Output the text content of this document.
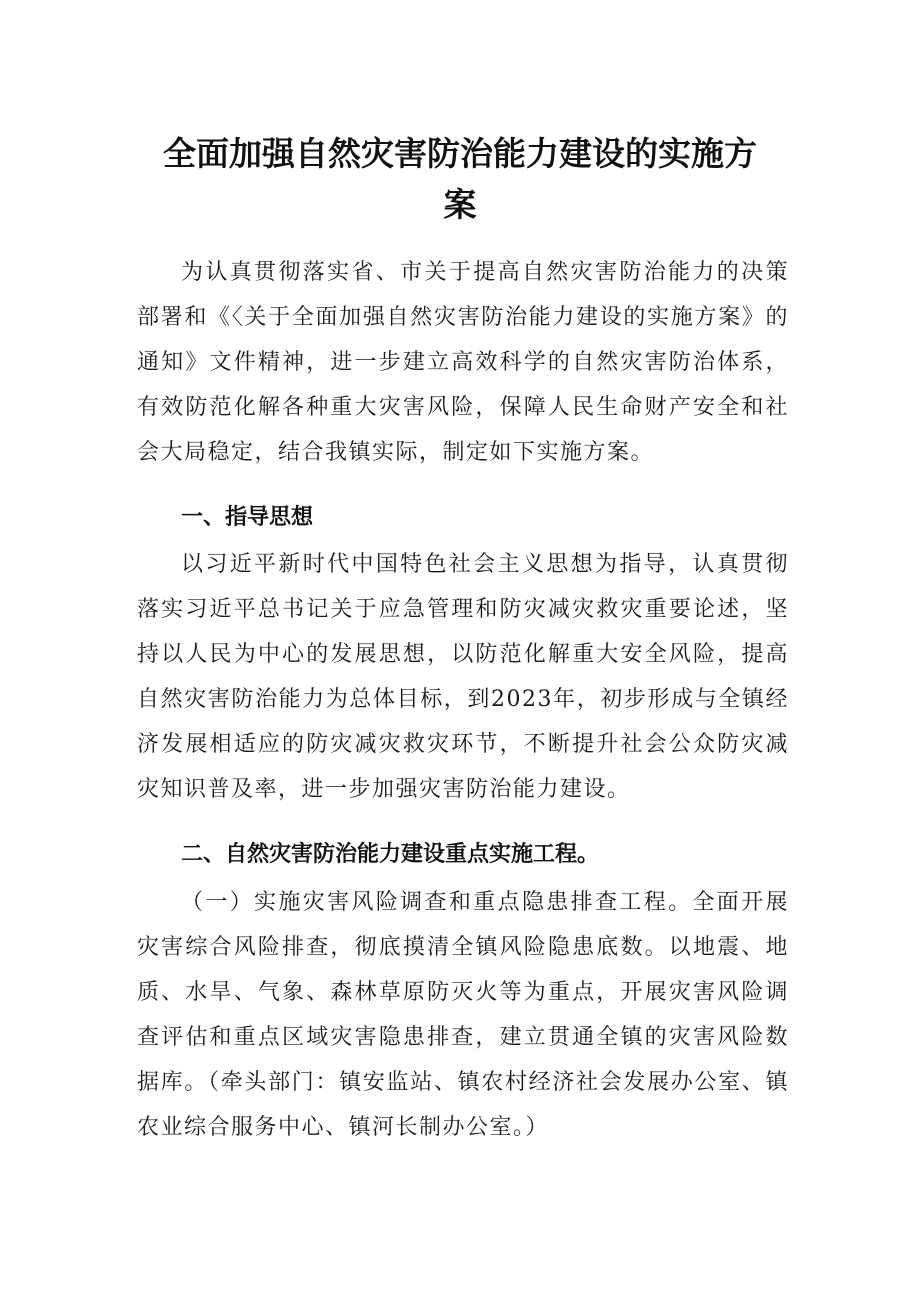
全面加强自然灾害防治能力建设的实施方
案

为认真贯彻落实省、市关于提高自然灾害防治能力的决策部署和《〈关于全面加强自然灾害防治能力建设的实施方案》的通知》文件精神，进一步建立高效科学的自然灾害防治体系，有效防范化解各种重大灾害风险，保障人民生命财产安全和社会大局稳定，结合我镇实际，制定如下实施方案。

一、指导思想

以习近平新时代中国特色社会主义思想为指导，认真贯彻落实习近平总书记关于应急管理和防灾减灾救灾重要论述，坚持以人民为中心的发展思想，以防范化解重大安全风险，提高自然灾害防治能力为总体目标，到2023年，初步形成与全镇经济发展相适应的防灾减灾救灾环节，不断提升社会公众防灾减灾知识普及率，进一步加强灾害防治能力建设。

二、自然灾害防治能力建设重点实施工程。

（一）实施灾害风险调查和重点隐患排查工程。全面开展灾害综合风险排查，彻底摸清全镇风险隐患底数。以地震、地质、水旱、气象、森林草原防灭火等为重点，开展灾害风险调查评估和重点区域灾害隐患排查，建立贯通全镇的灾害风险数据库。（牵头部门：镇安监站、镇农村经济社会发展办公室、镇农业综合服务中心、镇河长制办公室。）
